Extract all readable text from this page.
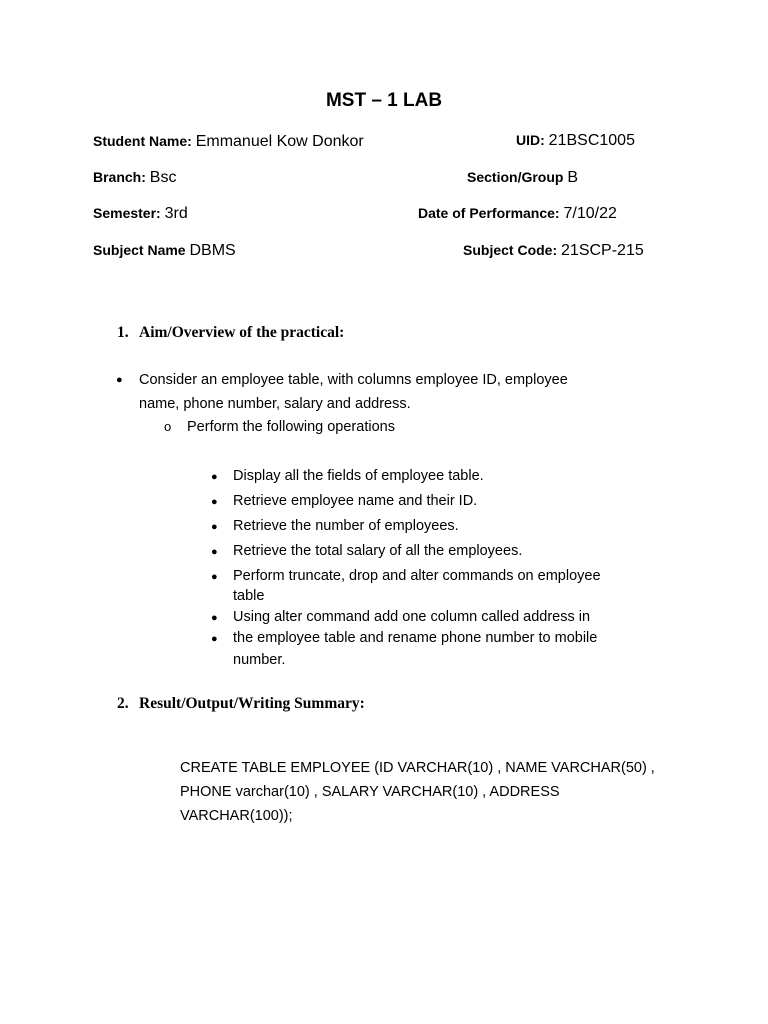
MST – 1 LAB
Student Name: Emmanuel Kow Donkor	UID: 21BSC1005
Branch: Bsc	Section/Group B
Semester: 3rd	Date of Performance: 7/10/22
Subject Name DBMS	Subject Code: 21SCP-215
1. Aim/Overview of the practical:
● Consider an employee table, with columns employee ID, employee
name, phone number, salary and address.
o Perform the following operations
● Display all the fields of employee table.
● Retrieve employee name and their ID.
● Retrieve the number of employees.
● Retrieve the total salary of all the employees.
● Perform truncate, drop and alter commands on employee
table
● Using alter command add one column called address in
● the employee table and rename phone number to mobile
number.
2. Result/Output/Writing Summary:
CREATE TABLE EMPLOYEE (ID VARCHAR(10) , NAME VARCHAR(50) ,
PHONE varchar(10) , SALARY VARCHAR(10) , ADDRESS
VARCHAR(100));
